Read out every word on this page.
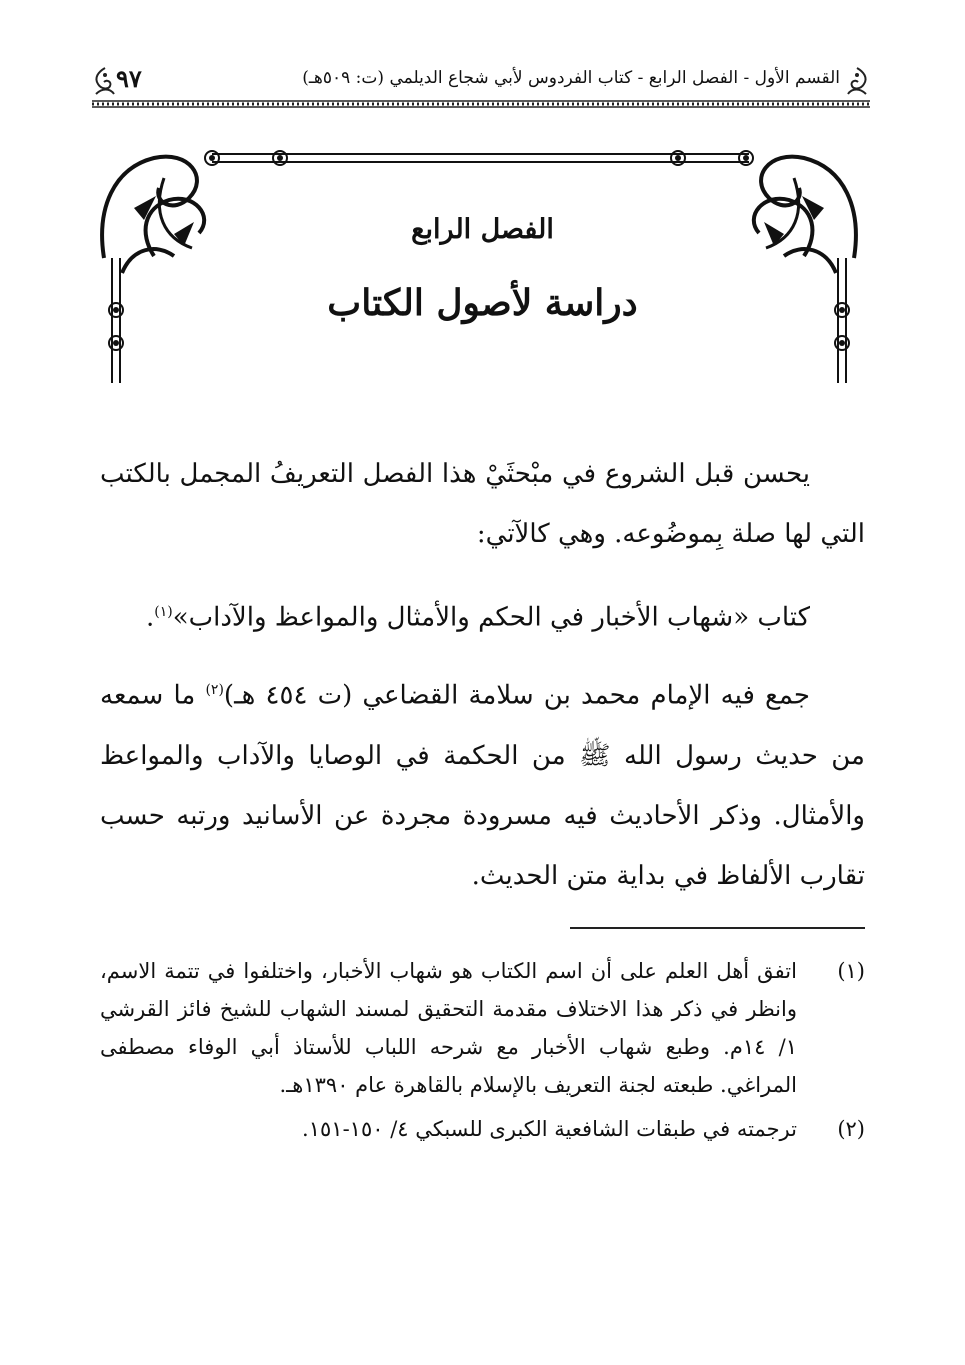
القسم الأول - الفصل الرابع - كتاب الفردوس لأبي شجاع الديلمي (ت: ٥٠٩هـ)
٩٧
الفصل الرابع
دراسة لأصول الكتاب
يحسن قبل الشروع في مبْحثَيْ هذا الفصل التعريفُ المجمل بالكتب التي لها صلة بِموضُوعه. وهي كالآتي:
كتاب «شهاب الأخبار في الحكم والأمثال والمواعظ والآداب»$^{(١)}$.
جمع فيه الإمام محمد بن سلامة القضاعي (ت ٤٥٤ هـ)$^{(٢)}$ ما سمعه من حديث رسول الله ﷺ من الحكمة في الوصايا والآداب والمواعظ والأمثال. وذكر الأحاديث فيه مسرودة مجردة عن الأسانيد ورتبه حسب تقارب الألفاظ في بداية متن الحديث.
(١)
اتفق أهل العلم على أن اسم الكتاب هو شهاب الأخبار، واختلفوا في تتمة الاسم، وانظر في ذكر هذا الاختلاف مقدمة التحقيق لمسند الشهاب للشيخ فائز القرشي ١/ ١٤م. وطبع شهاب الأخبار مع شرحه اللباب للأستاذ أبي الوفاء مصطفى المراغي. طبعته لجنة التعريف بالإسلام بالقاهرة عام ١٣٩٠هـ.
(٢)
ترجمته في طبقات الشافعية الكبرى للسبكي ٤/ ١٥٠-١٥١.
